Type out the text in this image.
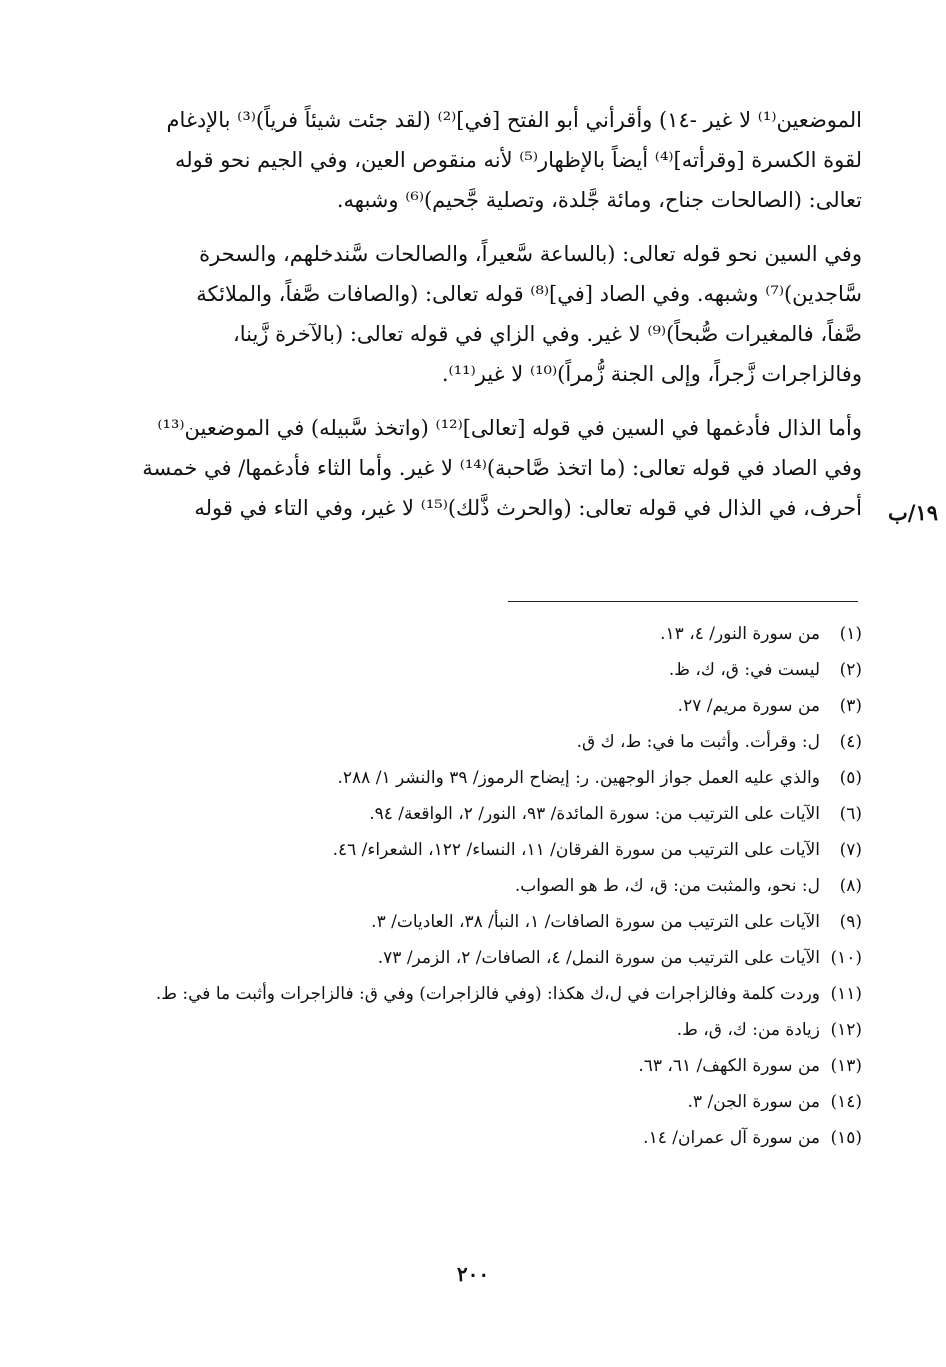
الموضعين⁽¹⁾ لا غير -١٤) وأقرأني أبو الفتح [في]⁽²⁾ (لقد جئت شيئاً فرياً)⁽³⁾ بالإدغام

لقوة الكسرة [وقرأته]⁽⁴⁾ أيضاً بالإظهار⁽⁵⁾ لأنه منقوص العين، وفي الجيم نحو قوله

تعالى: (الصالحات جناح، ومائة جَّلدة، وتصلية جَّحيم)⁽⁶⁾ وشبهه.

وفي السين نحو قوله تعالى: (بالساعة سَّعيراً، والصالحات سَّندخلهم، والسحرة

سَّاجدين)⁽⁷⁾ وشبهه. وفي الصاد [في]⁽⁸⁾ قوله تعالى: (والصافات صَّفاً، والملائكة

صَّفاً، فالمغيرات صُّبحاً)⁽⁹⁾ لا غير. وفي الزاي في قوله تعالى: (بالآخرة زَّينا،

وفالزاجرات زَّجراً، وإلى الجنة زُّمراً)⁽¹⁰⁾ لا غير⁽¹¹⁾.

وأما الذال فأدغمها في السين في قوله [تعالى]⁽¹²⁾ (واتخذ سَّبيله) في الموضعين⁽¹³⁾

وفي الصاد في قوله تعالى: (ما اتخذ صَّاحبة)⁽¹⁴⁾ لا غير. وأما الثاء فأدغمها/ في خمسة

أحرف، في الذال في قوله تعالى: (والحرث ذَّلك)⁽¹⁵⁾ لا غير، وفي التاء في قوله	١٩/ب
(١)
من سورة النور/ ٤، ١٣.
(٢)
ليست في: ق، ك، ظ.
(٣)
من سورة مريم/ ٢٧.
(٤)
ل: وقرأت. وأثبت ما في: ط، ك ق.
(٥)
والذي عليه العمل جواز الوجهين. ر: إيضاح الرموز/ ٣٩ والنشر ١/ ٢٨٨.
(٦)
الآيات على الترتيب من: سورة المائدة/ ٩٣، النور/ ٢، الواقعة/ ٩٤.
(٧)
الآيات على الترتيب من سورة الفرقان/ ١١، النساء/ ١٢٢، الشعراء/ ٤٦.
(٨)
ل: نحو، والمثبت من: ق، ك، ط هو الصواب.
(٩)
الآيات على الترتيب من سورة الصافات/ ١، النبأ/ ٣٨، العاديات/ ٣.
(١٠)
الآيات على الترتيب من سورة النمل/ ٤، الصافات/ ٢، الزمر/ ٧٣.
(١١)
وردت كلمة وفالزاجرات في ل،ك هكذا: (وفي فالزاجرات) وفي ق: فالزاجرات وأثبت ما في: ط.
(١٢)
زيادة من: ك، ق، ط.
(١٣)
من سورة الكهف/ ٦١، ٦٣.
(١٤)
من سورة الجن/ ٣.
(١٥)
من سورة آل عمران/ ١٤.
٢٠٠
